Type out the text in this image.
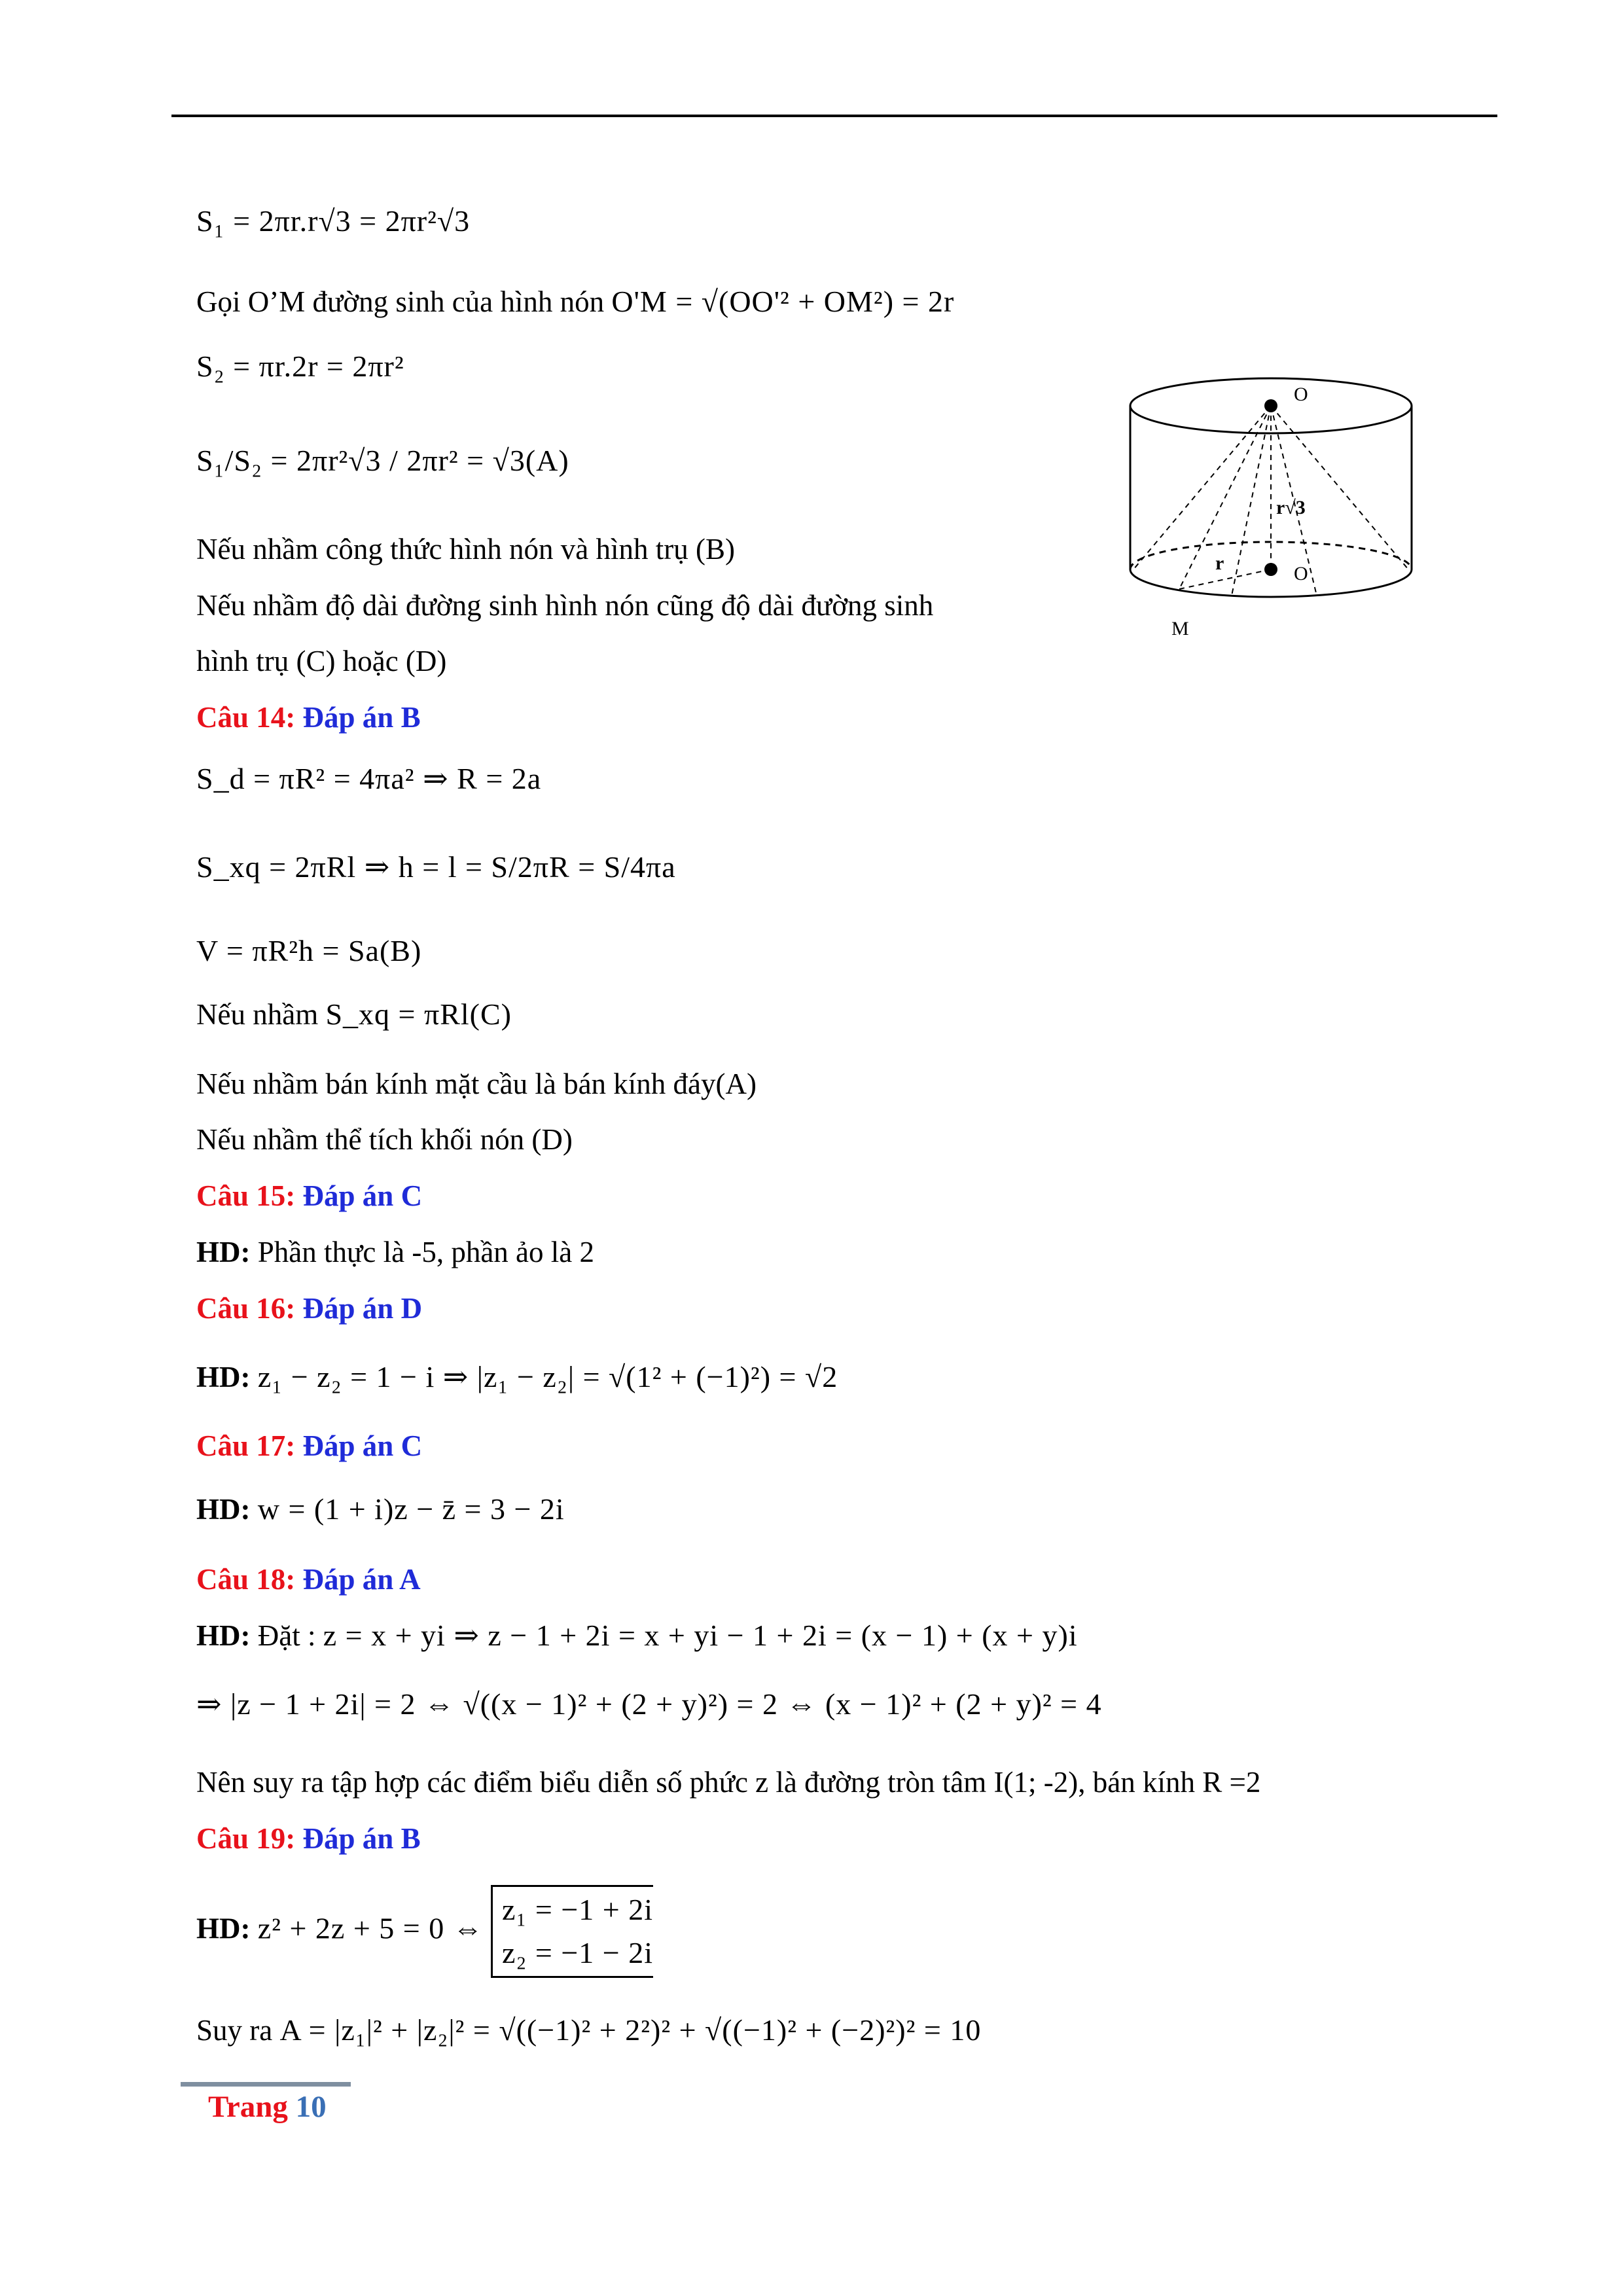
S₁ = 2πr.r√3 = 2πr²√3
Gọi O’M đường sinh của hình nón O'M = √(OO'² + OM²) = 2r
S₂ = πr.2r = 2πr²
S₁/S₂ = 2πr²√3 / 2πr² = √3(A)
Nếu nhầm công thức hình nón và hình trụ (B)
Nếu nhầm độ dài đường sinh hình nón cũng độ dài đường sinh
hình trụ (C) hoặc (D)
O
O
r
r√3
M
Câu 14: Đáp án B
S_d = πR² = 4πa² ⇒ R = 2a
S_xq = 2πRl ⇒ h = l = S/2πR = S/4πa
V = πR²h = Sa(B)
Nếu nhầm S_xq = πRl(C)
Nếu nhầm bán kính mặt cầu là bán kính đáy(A)
Nếu nhầm thể tích khối nón (D)
Câu 15: Đáp án C
HD: Phần thực là -5, phần ảo là 2
Câu 16: Đáp án D
HD: z₁ − z₂ = 1 − i ⇒ |z₁ − z₂| = √(1² + (−1)²) = √2
Câu 17: Đáp án C
HD: w = (1 + i)z − z̄ = 3 − 2i
Câu 18: Đáp án A
HD: Đặt : z = x + yi ⇒ z − 1 + 2i = x + yi − 1 + 2i = (x − 1) + (x + y)i
⇒ |z − 1 + 2i| = 2 ⇔ √((x − 1)² + (2 + y)²) = 2 ⇔ (x − 1)² + (2 + y)² = 4
Nên suy ra tập hợp các điểm biểu diễn số phức z là đường tròn tâm I(1; -2), bán kính R =2
Câu 19: Đáp án B
HD: z² + 2z + 5 = 0 ⇔
z₁ = −1 + 2i
z₂ = −1 − 2i
Suy ra A = |z₁|² + |z₂|² = √((−1)² + 2²)² + √((−1)² + (−2)²)² = 10
Trang 10
